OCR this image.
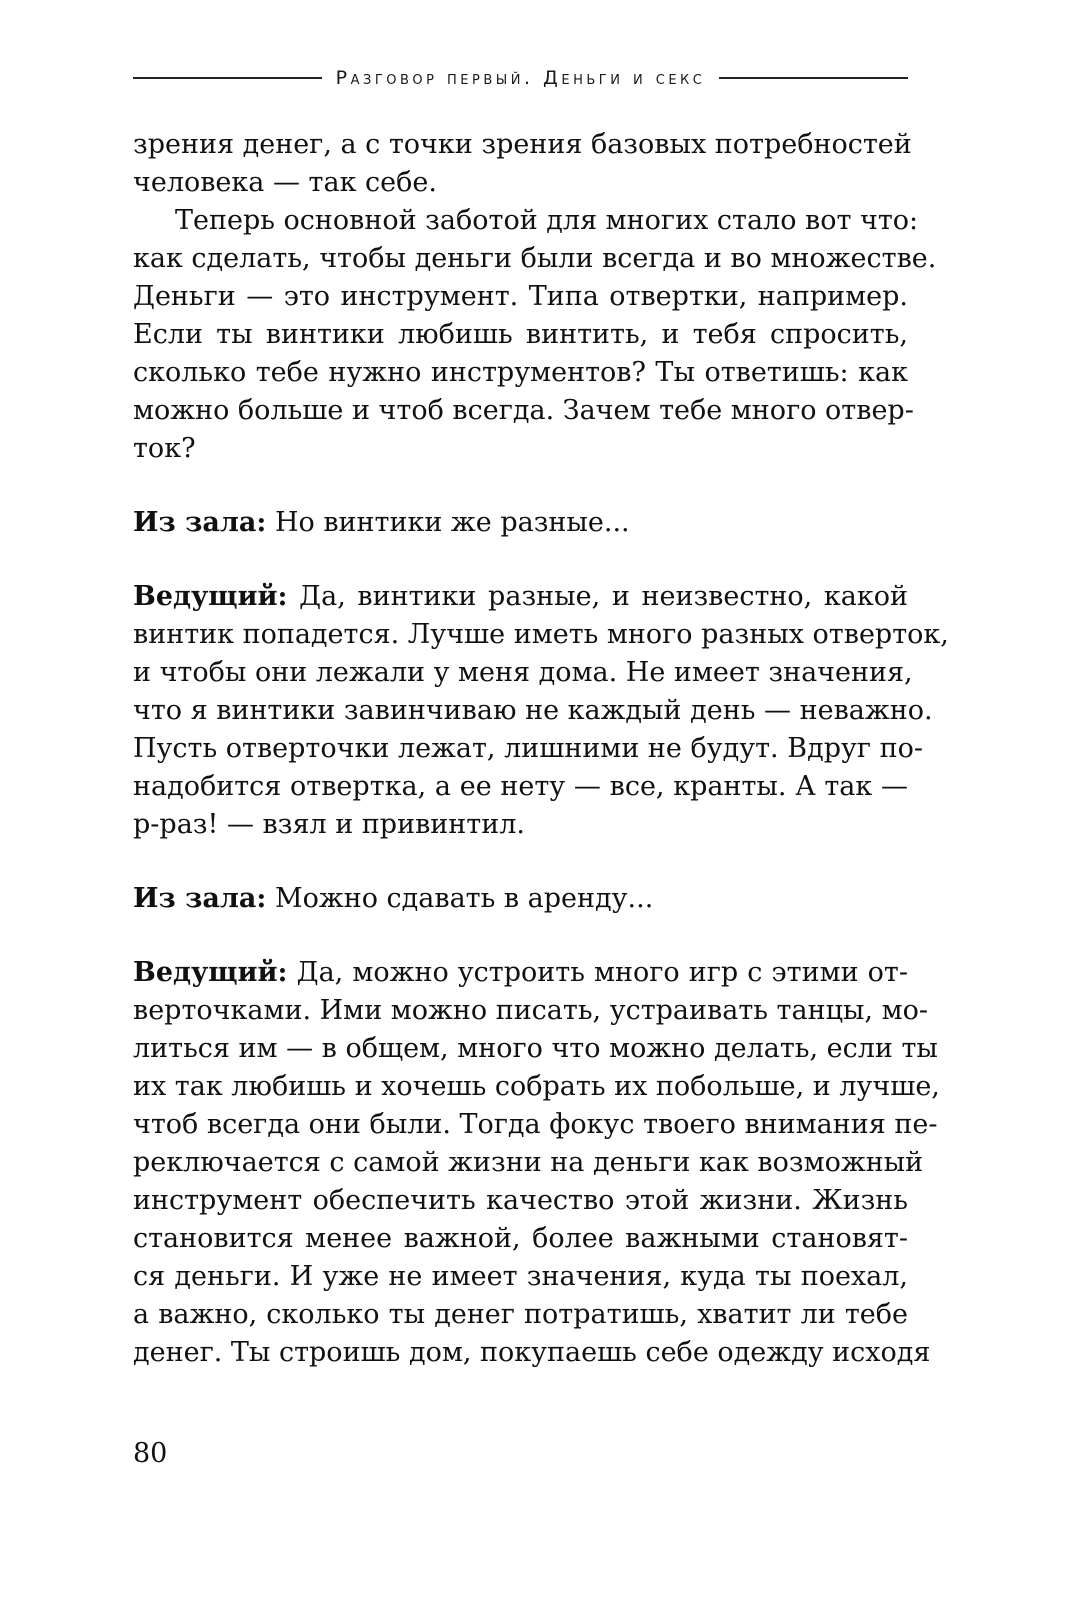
Разговор первый. Деньги и секс
зрения денег, а с точки зрения базовых потребностей
человека — так себе.
Теперь основной заботой для многих стало вот что:
как сделать, чтобы деньги были всегда и во множестве.
Деньги — это инструмент. Типа отвертки, например.
Если ты винтики любишь винтить, и тебя спросить,
сколько тебе нужно инструментов? Ты ответишь: как
можно больше и чтоб всегда. Зачем тебе много отвер-
ток?
Из зала: Но винтики же разные...
Ведущий: Да, винтики разные, и неизвестно, какой
винтик попадется. Лучше иметь много разных отверток,
и чтобы они лежали у меня дома. Не имеет значения,
что я винтики завинчиваю не каждый день — неважно.
Пусть отверточки лежат, лишними не будут. Вдруг по-
надобится отвертка, а ее нету — все, кранты. А так —
р-раз! — взял и привинтил.
Из зала: Можно сдавать в аренду...
Ведущий: Да, можно устроить много игр с этими от-
верточками. Ими можно писать, устраивать танцы, мо-
литься им — в общем, много что можно делать, если ты
их так любишь и хочешь собрать их побольше, и лучше,
чтоб всегда они были. Тогда фокус твоего внимания пе-
реключается с самой жизни на деньги как возможный
инструмент обеспечить качество этой жизни. Жизнь
становится менее важной, более важными становят-
ся деньги. И уже не имеет значения, куда ты поехал,
а важно, сколько ты денег потратишь, хватит ли тебе
денег. Ты строишь дом, покупаешь себе одежду исходя
80
